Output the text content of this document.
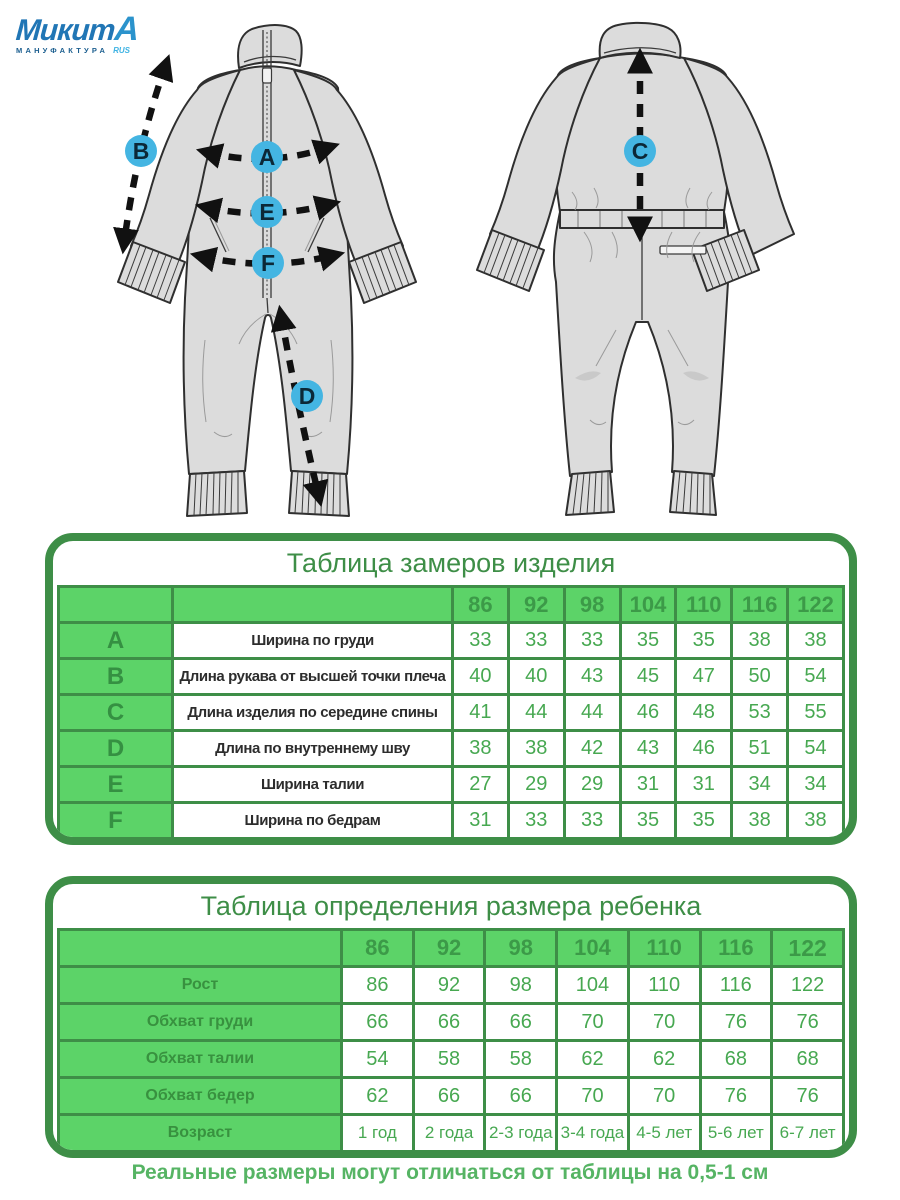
МикитА
МАНУФАКТУРА RUS
A
B	C
D
E
F
Таблица замеров изделия
		86	92	98	104	110	116	122
A	Ширина по груди	33	33	33	35	35	38	38
B	Длина рукава от высшей точки плеча	40	40	43	45	47	50	54
C	Длина изделия по середине спины	41	44	44	46	48	53	55
D	Длина по внутреннему шву	38	38	42	43	46	51	54
E	Ширина талии	27	29	29	31	31	34	34
F	Ширина по бедрам	31	33	33	35	35	38	38
Таблица определения размера ребенка
	86	92	98	104	110	116	122
Рост	86	92	98	104	110	116	122
Обхват груди	66	66	66	70	70	76	76
Обхват талии	54	58	58	62	62	68	68
Обхват бедер	62	66	66	70	70	76	76
Возраст	1 год	2 года	2-3 года	3-4 года	4-5 лет	5-6 лет	6-7 лет
Реальные размеры могут отличаться от таблицы на 0,5-1 см
